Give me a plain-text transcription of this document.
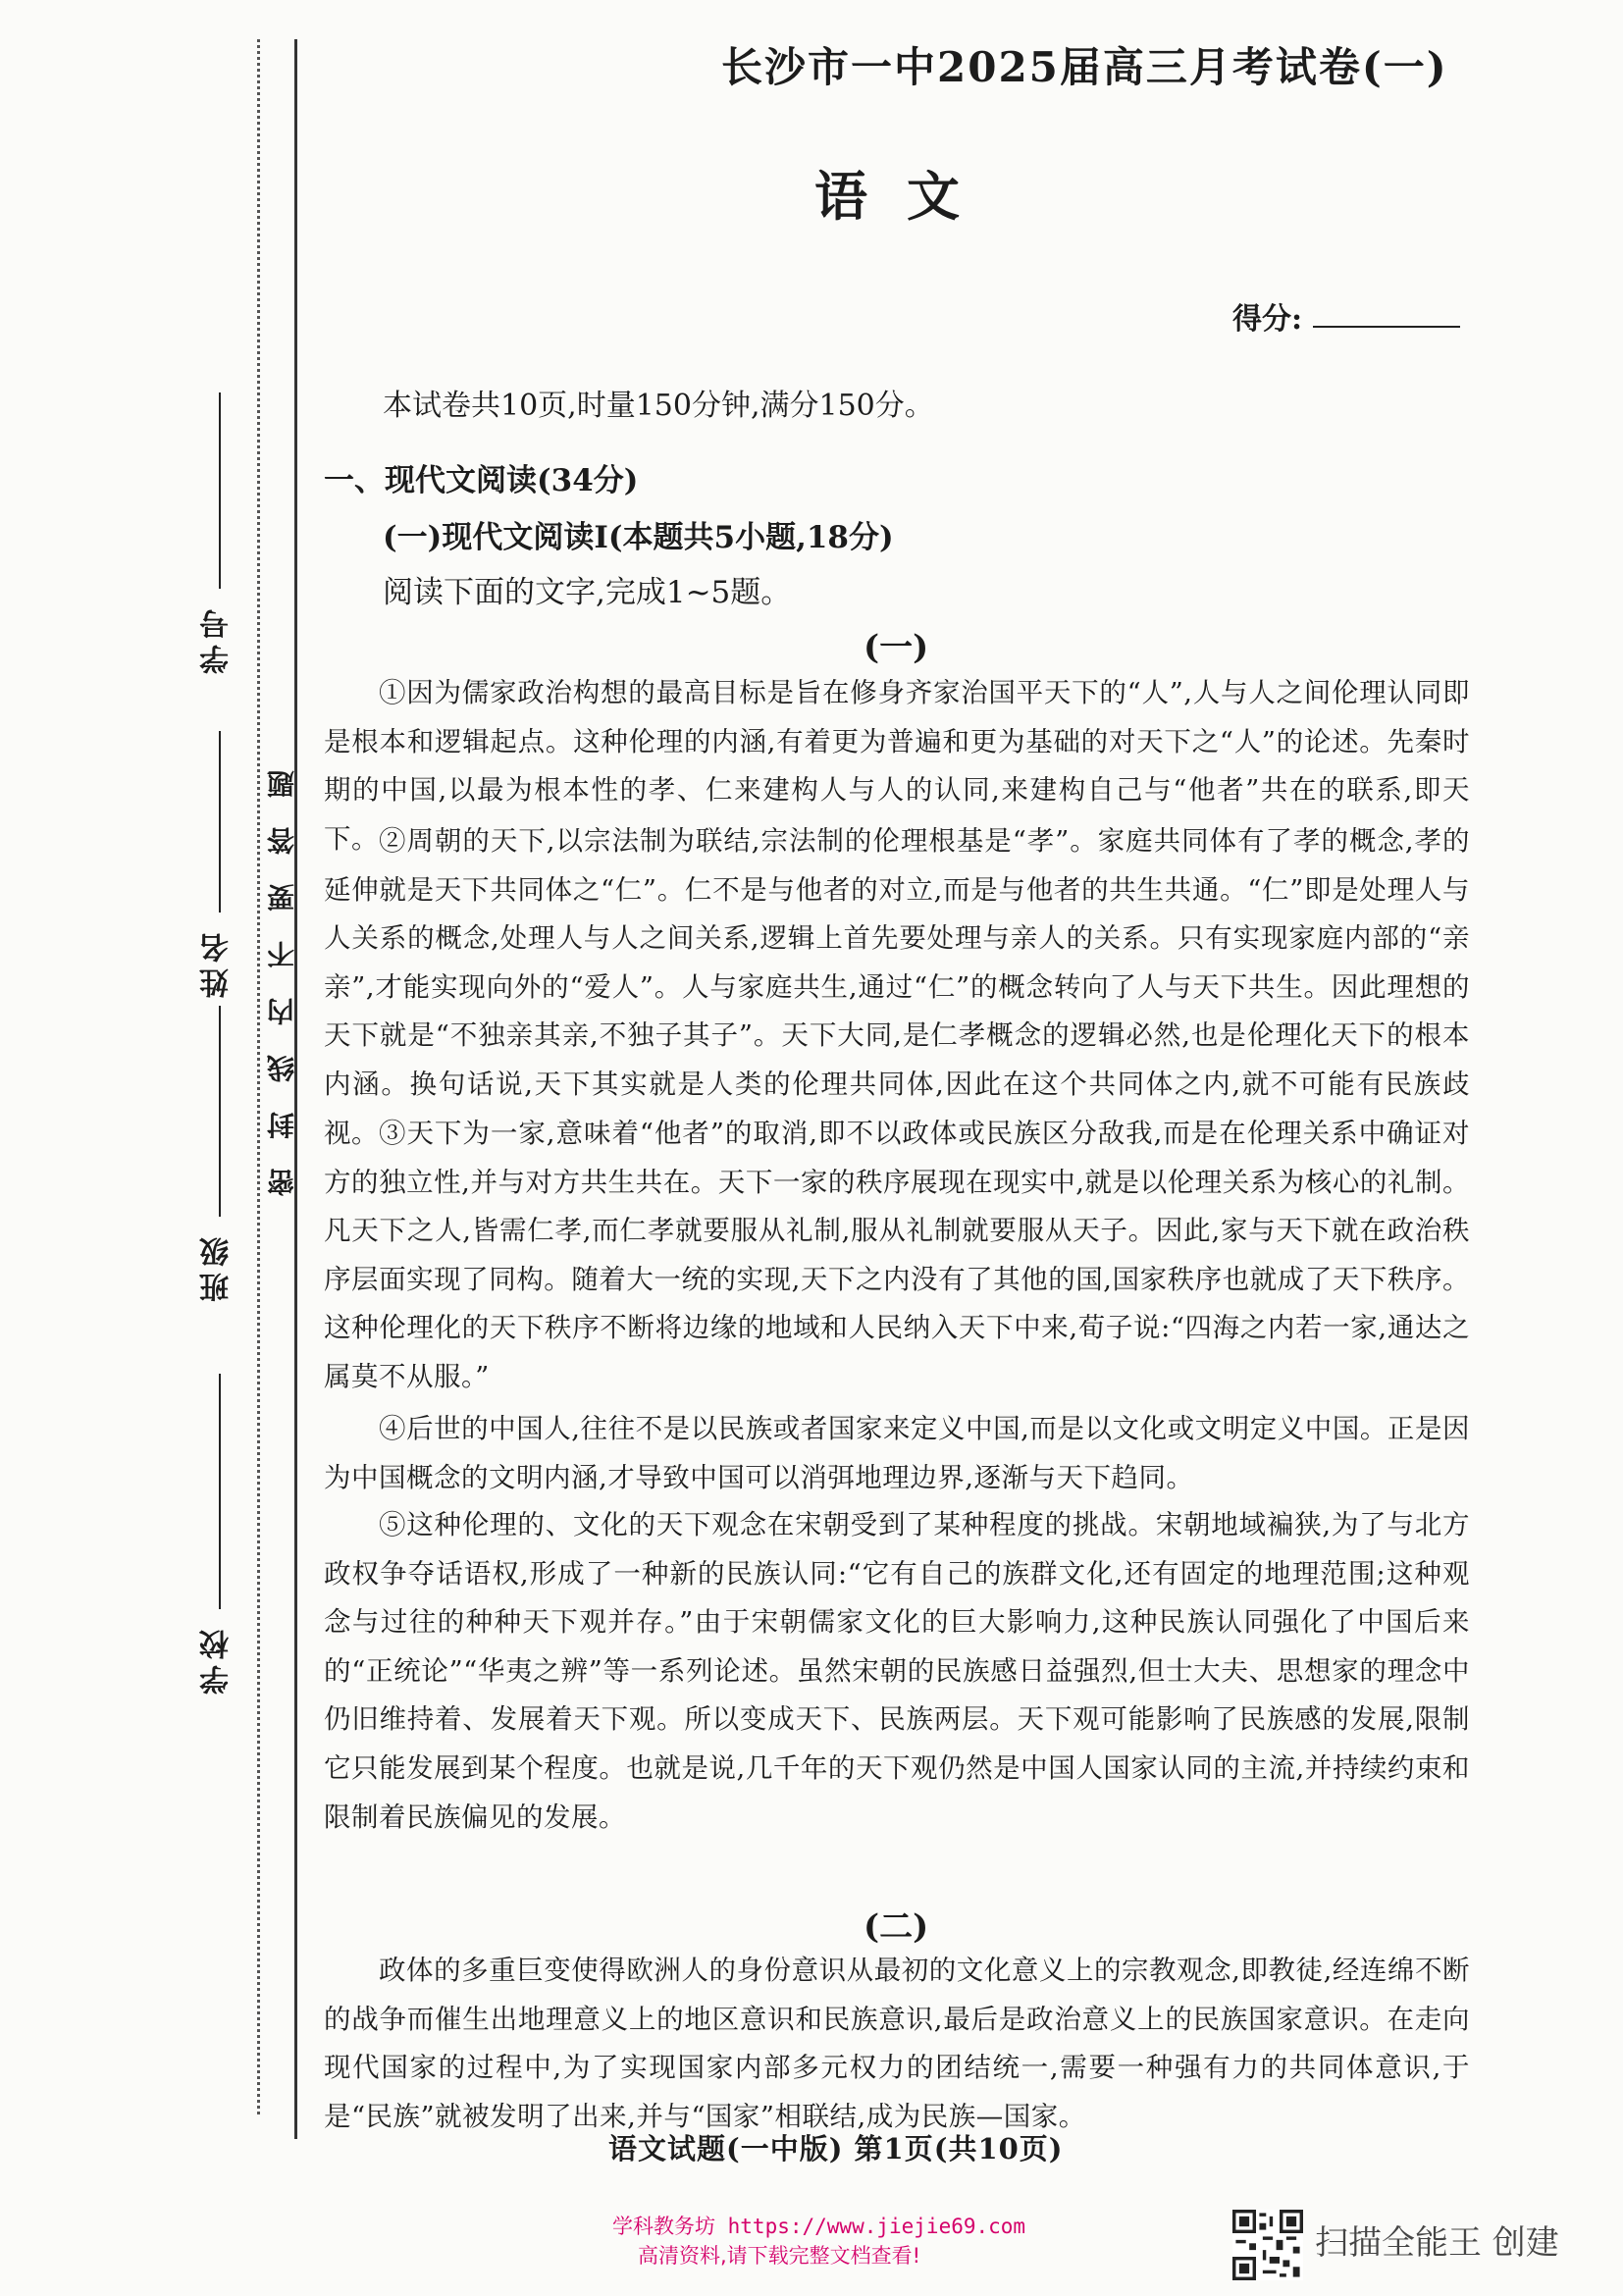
学校
班级
姓名
学号
密封线内不要答题
长沙市一中2025届高三月考试卷(一)
语文
得分:
本试卷共10页,时量150分钟,满分150分。
一、现代文阅读(34分)
(一)现代文阅读Ⅰ(本题共5小题,18分)
阅读下面的文字,完成1~5题。
(一)
①因为儒家政治构想的最高目标是旨在修身齐家治国平天下的“人”,人与人之间伦理认同即是根本和逻辑起点。这种伦理的内涵,有着更为普遍和更为基础的对天下之“人”的论述。先秦时期的中国,以最为根本性的孝、仁来建构人与人的认同,来建构自己与“他者”共在的联系,即天下。 ②周朝的天下,以宗法制为联结,宗法制的伦理根基是“孝”。家庭共同体有了孝的概念,孝的延伸就是天下共同体之“仁”。仁不是与他者的对立,而是与他者的共生共通。“仁”即是处理人与人关系的概念,处理人与人之间关系,逻辑上首先要处理与亲人的关系。只有实现家庭内部的“亲亲”,才能实现向外的“爱人”。人与家庭共生,通过“仁”的概念转向了人与天下共生。因此理想的天下就是“不独亲其亲,不独子其子”。天下大同,是仁孝概念的逻辑必然,也是伦理化天下的根本内涵。换句话说,天下其实就是人类的伦理共同体,因此在这个共同体之内,就不可能有民族歧视。 ③天下为一家,意味着“他者”的取消,即不以政体或民族区分敌我,而是在伦理关系中确证对方的独立性,并与对方共生共在。天下一家的秩序展现在现实中,就是以伦理关系为核心的礼制。凡天下之人,皆需仁孝,而仁孝就要服从礼制,服从礼制就要服从天子。因此,家与天下就在政治秩序层面实现了同构。随着大一统的实现,天下之内没有了其他的国,国家秩序也就成了天下秩序。这种伦理化的天下秩序不断将边缘的地域和人民纳入天下中来,荀子说:“四海之内若一家,通达之属莫不从服。”
④后世的中国人,往往不是以民族或者国家来定义中国,而是以文化或文明定义中国。正是因为中国概念的文明内涵,才导致中国可以消弭地理边界,逐渐与天下趋同。
⑤这种伦理的、文化的天下观念在宋朝受到了某种程度的挑战。宋朝地域褊狭,为了与北方政权争夺话语权,形成了一种新的民族认同:“它有自己的族群文化,还有固定的地理范围;这种观念与过往的种种天下观并存。”由于宋朝儒家文化的巨大影响力,这种民族认同强化了中国后来的“正统论”“华夷之辨”等一系列论述。虽然宋朝的民族感日益强烈,但士大夫、思想家的理念中仍旧维持着、发展着天下观。所以变成天下、民族两层。天下观可能影响了民族感的发展,限制它只能发展到某个程度。也就是说,几千年的天下观仍然是中国人国家认同的主流,并持续约束和限制着民族偏见的发展。
(二)
政体的多重巨变使得欧洲人的身份意识从最初的文化意义上的宗教观念,即教徒,经连绵不断的战争而催生出地理意义上的地区意识和民族意识,最后是政治意义上的民族国家意识。在走向现代国家的过程中,为了实现国家内部多元权力的团结统一,需要一种强有力的共同体意识,于是“民族”就被发明了出来,并与“国家”相联结,成为民族—国家。
语文试题(一中版) 第1页(共10页)
学科教务坊 https://www.jiejie69.com
高清资料,请下载完整文档查看!	扫描全能王 创建
